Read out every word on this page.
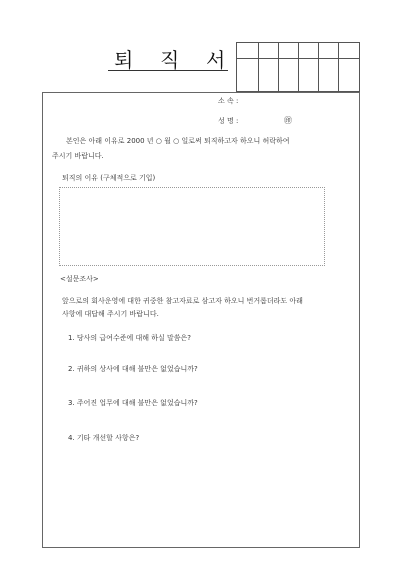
퇴 직 서
소 속 :
성 명 :	㊞
본인은 아래 이유로 2000 년 ○ 월 ○ 일로써 퇴직하고자 하오니 허락하여
주시기 바랍니다.
퇴직의 이유 (구체적으로 기입)
<설문조사>
앞으로의 회사운영에 대한 귀중한 참고자료로 삼고자 하오니 번거롭더라도 아래
사항에 대답해 주시기 바랍니다.
1. 당사의 급여수준에 대해 하실 말씀은?
2. 귀하의 상사에 대해 불만은 없었습니까?
3. 주어진 업무에 대해 불만은 없었습니까?
4. 기타 개선할 사항은?
